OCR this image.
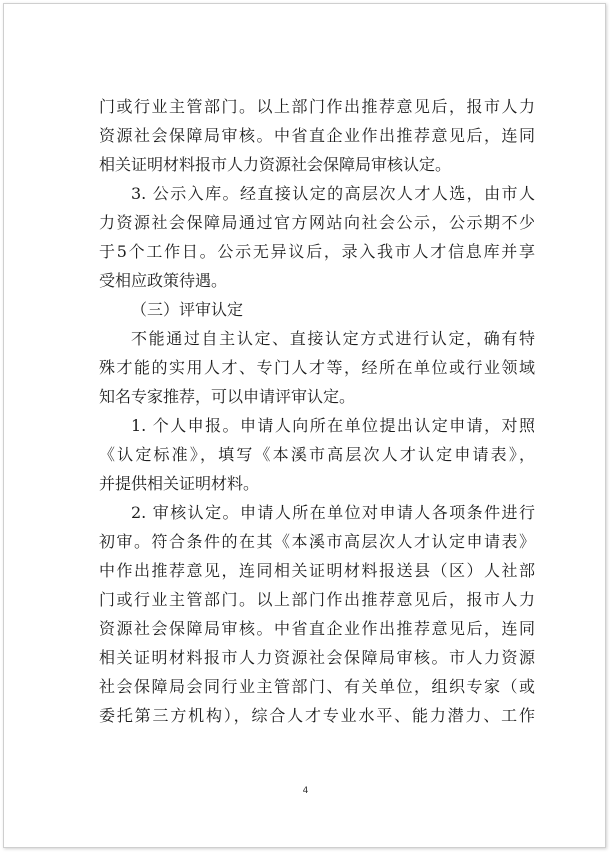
门或行业主管部门。以上部门作出推荐意见后，报市人力
资源社会保障局审核。中省直企业作出推荐意见后，连同
相关证明材料报市人力资源社会保障局审核认定。
3. 公示入库。经直接认定的高层次人才人选，由市人
力资源社会保障局通过官方网站向社会公示，公示期不少
于5个工作日。公示无异议后，录入我市人才信息库并享
受相应政策待遇。
（三）评审认定
不能通过自主认定、直接认定方式进行认定，确有特
殊才能的实用人才、专门人才等，经所在单位或行业领域
知名专家推荐，可以申请评审认定。
1. 个人申报。申请人向所在单位提出认定申请，对照
《认定标准》，填写《本溪市高层次人才认定申请表》，
并提供相关证明材料。
2. 审核认定。申请人所在单位对申请人各项条件进行
初审。符合条件的在其《本溪市高层次人才认定申请表》
中作出推荐意见，连同相关证明材料报送县（区）人社部
门或行业主管部门。以上部门作出推荐意见后，报市人力
资源社会保障局审核。中省直企业作出推荐意见后，连同
相关证明材料报市人力资源社会保障局审核。市人力资源
社会保障局会同行业主管部门、有关单位，组织专家（或
委托第三方机构），综合人才专业水平、能力潜力、工作
4
